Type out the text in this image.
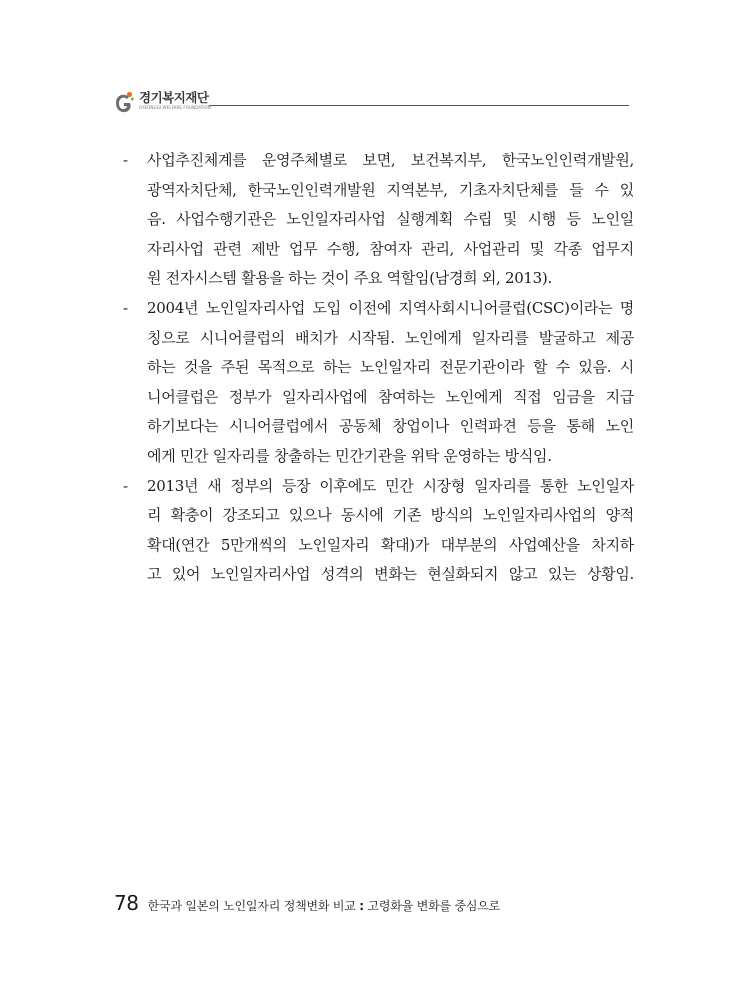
경기복지재단
GYEONGGI WELFARE FOUNDATION
- 사업추진체계를 운영주체별로 보면, 보건복지부, 한국노인인력개발원,
광역자치단체, 한국노인인력개발원 지역본부, 기초자치단체를 들 수 있
음. 사업수행기관은 노인일자리사업 실행계획 수립 및 시행 등 노인일
자리사업 관련 제반 업무 수행, 참여자 관리, 사업관리 및 각종 업무지
원 전자시스템 활용을 하는 것이 주요 역할임(남경희 외, 2013).
- 2004년 노인일자리사업 도입 이전에 지역사회시니어클럽(CSC)이라는 명
칭으로 시니어클럽의 배치가 시작됨. 노인에게 일자리를 발굴하고 제공
하는 것을 주된 목적으로 하는 노인일자리 전문기관이라 할 수 있음. 시
니어클럽은 정부가 일자리사업에 참여하는 노인에게 직접 임금을 지급
하기보다는 시니어클럽에서 공동체 창업이나 인력파견 등을 통해 노인
에게 민간 일자리를 창출하는 민간기관을 위탁 운영하는 방식임.
- 2013년 새 정부의 등장 이후에도 민간 시장형 일자리를 통한 노인일자
리 확충이 강조되고 있으나 동시에 기존 방식의 노인일자리사업의 양적
확대(연간 5만개씩의 노인일자리 확대)가 대부분의 사업예산을 차지하
고 있어 노인일자리사업 성격의 변화는 현실화되지 않고 있는 상황임.
78 한국과 일본의 노인일자리 정책변화 비교 : 고령화율 변화를 중심으로
